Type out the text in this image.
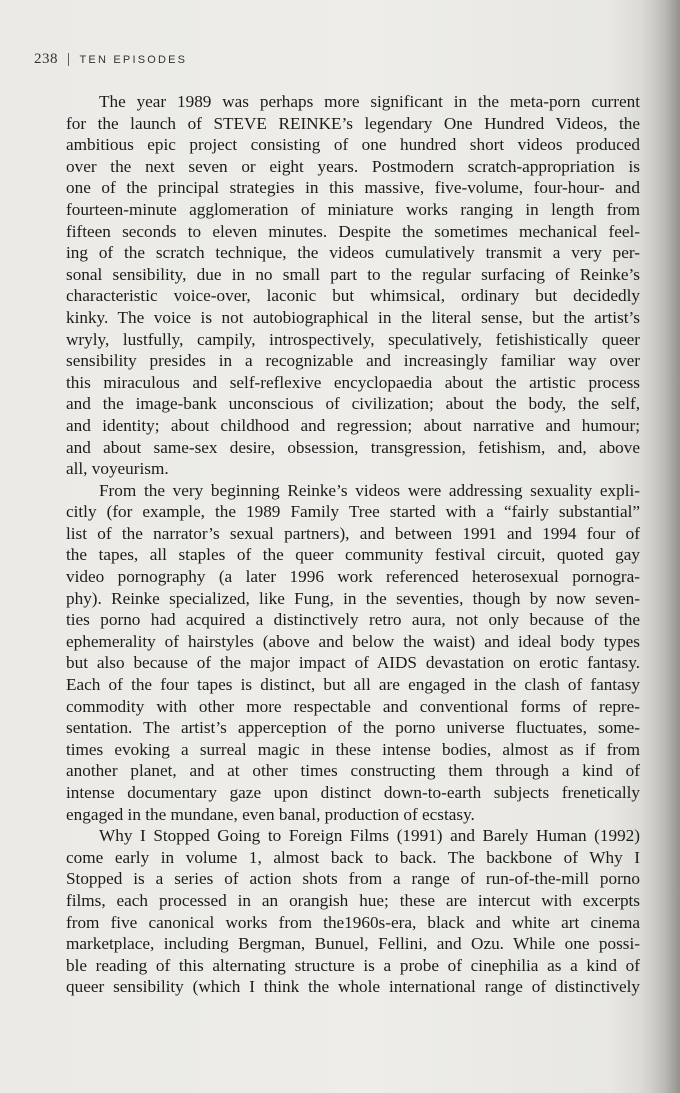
238 | TEN EPISODES
The year 1989 was perhaps more significant in the meta-porn current
for the launch of STEVE REINKE’s legendary One Hundred Videos, the
ambitious epic project consisting of one hundred short videos produced
over the next seven or eight years. Postmodern scratch-appropriation is
one of the principal strategies in this massive, five-volume, four-hour- and
fourteen-minute agglomeration of miniature works ranging in length from
fifteen seconds to eleven minutes. Despite the sometimes mechanical feel-
ing of the scratch technique, the videos cumulatively transmit a very per-
sonal sensibility, due in no small part to the regular surfacing of Reinke’s
characteristic voice-over, laconic but whimsical, ordinary but decidedly
kinky. The voice is not autobiographical in the literal sense, but the artist’s
wryly, lustfully, campily, introspectively, speculatively, fetishistically queer
sensibility presides in a recognizable and increasingly familiar way over
this miraculous and self-reflexive encyclopaedia about the artistic process
and the image-bank unconscious of civilization; about the body, the self,
and identity; about childhood and regression; about narrative and humour;
and about same-sex desire, obsession, transgression, fetishism, and, above
all, voyeurism.
From the very beginning Reinke’s videos were addressing sexuality expli-
citly (for example, the 1989 Family Tree started with a “fairly substantial”
list of the narrator’s sexual partners), and between 1991 and 1994 four of
the tapes, all staples of the queer community festival circuit, quoted gay
video pornography (a later 1996 work referenced heterosexual pornogra-
phy). Reinke specialized, like Fung, in the seventies, though by now seven-
ties porno had acquired a distinctively retro aura, not only because of the
ephemerality of hairstyles (above and below the waist) and ideal body types
but also because of the major impact of AIDS devastation on erotic fantasy.
Each of the four tapes is distinct, but all are engaged in the clash of fantasy
commodity with other more respectable and conventional forms of repre-
sentation. The artist’s apperception of the porno universe fluctuates, some-
times evoking a surreal magic in these intense bodies, almost as if from
another planet, and at other times constructing them through a kind of
intense documentary gaze upon distinct down-to-earth subjects frenetically
engaged in the mundane, even banal, production of ecstasy.
Why I Stopped Going to Foreign Films (1991) and Barely Human (1992)
come early in volume 1, almost back to back. The backbone of Why I
Stopped is a series of action shots from a range of run-of-the-mill porno
films, each processed in an orangish hue; these are intercut with excerpts
from five canonical works from the1960s-era, black and white art cinema
marketplace, including Bergman, Bunuel, Fellini, and Ozu. While one possi-
ble reading of this alternating structure is a probe of cinephilia as a kind of
queer sensibility (which I think the whole international range of distinctively
